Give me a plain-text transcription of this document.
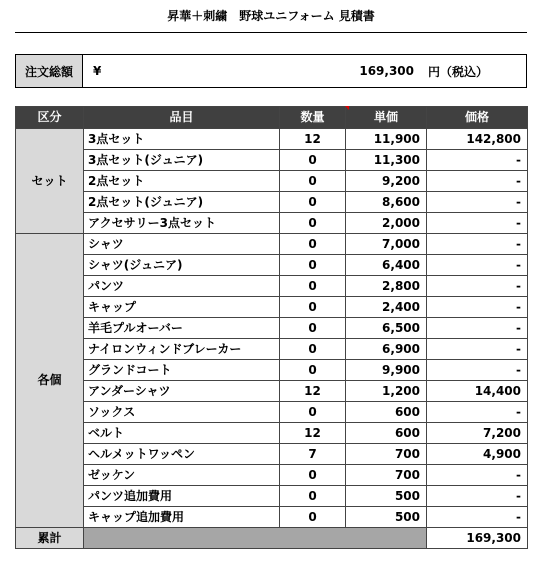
昇華＋刺繍　野球ユニフォーム 見積書
注文総額	¥	169,300 円（税込）
区分	品目	数量	単価	価格
セット	3点セット	12	11,900	142,800
	3点セット(ジュニア)	0	11,300	-
	2点セット	0	9,200	-
	2点セット(ジュニア)	0	8,600	-
	アクセサリー3点セット	0	2,000	-
各個	シャツ	0	7,000	-
	シャツ(ジュニア)	0	6,400	-
	パンツ	0	2,800	-
	キャップ	0	2,400	-
	羊毛プルオーバー	0	6,500	-
	ナイロンウィンドブレーカー	0	6,900	-
	グランドコート	0	9,900	-
	アンダーシャツ	12	1,200	14,400
	ソックス	0	600	-
	ベルト	12	600	7,200
	ヘルメットワッペン	7	700	4,900
	ゼッケン	0	700	-
	パンツ追加費用	0	500	-
	キャップ追加費用	0	500	-
累計				169,300
